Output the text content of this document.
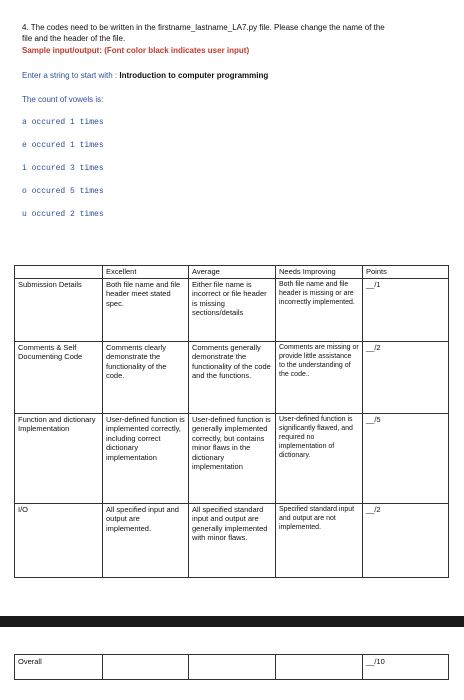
4. The codes need to be written in the firstname_lastname_LA7.py file. Please change the name of the

file and the header of the file.

Sample input/output: (Font color black indicates user input)

Enter a string to start with : Introduction to computer programming
The count of vowels is:
a occured 1 times
e occured 1 times
i occured 3 times
o occured 5 times
u occured 2 times
	Excellent	Average	Needs Improving	Points
Submission Details	Both file name and file header meet stated spec.	Either file name is incorrect or file header is missing sections/details	Both file name and file header is missing or are incorrectly implemented.	__/1
Comments & Self Documenting Code	Comments clearly demonstrate the functionality of the code.	Comments generally demonstrate the functionality of the code and the functions.	Comments are missing or provide little assistance to the understanding of the code..	__/2
Function and dictionary Implementation	User-defined function is implemented correctly, including correct dictionary implementation	User-defined function is generally implemented correctly, but contains minor flaws in the dictionary implementation	User-defined function is significantly flawed, and required no implementation of dictionary.	__/5
I/O	All specified input and output are implemented.	All specified standard input and output are generally implemented with minor flaws.	Specified standard input and output are not implemented.	__/2
Overall				__/10
